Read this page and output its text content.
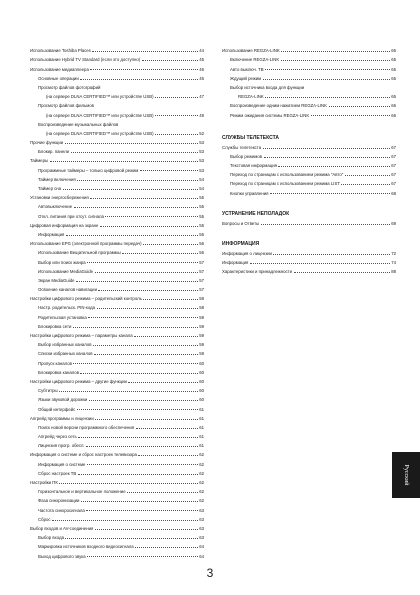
Использование Toshiba Places	44
Использование Hybrid TV Standard (если это доступно)	45
Использование медиаплеера	46
Основные операции	46
Просмотр файлов фотографий
(на сервере DLNA CERTIFIED™ или устройстве USB)	47
Просмотр файлов фильмов
(на сервере DLNA CERTIFIED™ или устройстве USB)	49
Воспроизведение музыкальных файлов
(на сервере DLNA CERTIFIED™ или устройстве USB)	52
Прочие функции	53
Блокир. панели	53
Таймеры	53
Программные таймеры – только цифровой режим	53
Таймер включения	54
Таймер сна	54
Установки энергосбережения	55
Автовыключение	55
Откл. питания при отсут. сигнала	55
Цифровая информация на экране	55
Информация	55
Использование EPG (электронной программы передач)	56
Использование Вещательной программы	56
Выбор или поиск жанра	57
Использование MediaGuide	57
Экран MediaGuide	57
Освоение каналов навигации	57
Настройки цифрового режима – родительский контроль	58
Настр. родительск. PIN-кода	58
Родительская установка	59
Блокировка сети	59
Настройки цифрового режима – параметры канала	59
Выбор избранных каналов	59
Списки избранных каналов	59
Пропуск каналов	60
Блокировка каналов	60
Настройки цифрового режима – другие функции	60
Субтитры	60
Языки звуковой дорожки	60
Общий интерфейс	61
Апгрейд программы и лицензии	61
Поиск новой версии программного обеспечения	61
Апгрейд через сеть	61
Лицензия прогр. обесп.	61
Информация о системе и сброс настроек телевизора	62
Информация о системе	62
Сброс настроек ТВ	62
Настройки ПК	62
Горизонтальное и вертикальное положение	62
Фаза синхронизации	62
Частота синхросигнала	63
Сброс	63
Выбор входов и AV-соединения	63
Выбор входа	63
Маркировка источников входного видеосигнала	64
Выход цифрового звука	64
Использование REGZA-LINK	65
Включение REGZA-LINK	65
Авто выключ. ТВ	65
Ждущий режим	65
Выбор источника входа для функции
REGZA-LINK	65
Воспроизведение одним нажатием REGZA-LINK	66
Режим ожидания системы REGZA-LINK	66
СЛУЖБЫ ТЕЛЕТЕКСТА
Службы телетекста	67
Выбор режимов	67
Текстовая информация	67
Переход по страницам с использованием режима "Авто"	67
Переход по страницам с использованием режима LIST	67
Кнопки управления	68
УСТРАНЕНИЕ НЕПОЛАДОК
Вопросы и Ответы	69
ИНФОРМАЦИЯ
Информация о лицензии	72
Информация	74
Характеристики и принадлежности	88
Русский
3
